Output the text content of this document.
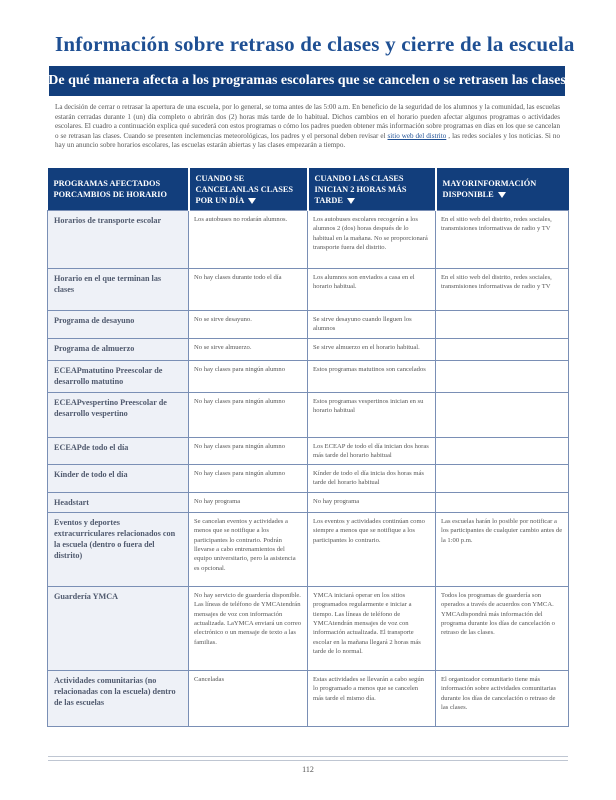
Información sobre retraso de clases y cierre de la escuela
¿De qué manera afecta a los programas escolares que se cancelen o se retrasen las clases?
La decisión de cerrar o retrasar la apertura de una escuela, por lo general, se toma antes de las 5:00 a.m. En beneficio de la seguridad de los alumnos y la comunidad, las escuelas estarán cerradas durante 1 (un) día completo o abrirán dos (2) horas más tarde de lo habitual. Dichos cambios en el horario pueden afectar algunos programas o actividades escolares. El cuadro a continuación explica qué sucederá con estos programas o cómo los padres pueden obtener más información sobre programas en días en los que se cancelan o se retrasan las clases. Cuando se presenten inclemencias meteorológicas, los padres y el personal deben revisar el sitio web del distrito , las redes sociales y los noticias. Si no hay un anuncio sobre horarios escolares, las escuelas estarán abiertas y las clases empezarán a tiempo.
PROGRAMAS AFECTADOS PORCAMBIOS DE HORARIO	CUANDO SE CANCELANLAS CLASES POR UN DÍA	CUANDO LAS CLASES INICIAN 2 HORAS MÁS TARDE	MAYORINFORMACIÓN DISPONIBLE
Horarios de transporte escolar	Los autobuses no rodarán alumnos.	Los autobuses escolares recogerán a los alumnos 2 (dos) horas después de lo habitual en la mañana. No se proporcionará transporte fuera del distrito.	En el sitio web del distrito, redes sociales, transmisiones informativas de radio y TV
Horario en el que terminan las clases	No hay clases durante todo el día	Los alumnos son enviados a casa en el horario habitual.	En el sitio web del distrito, redes sociales, transmisiones informativas de radio y TV
Programa de desayuno	No se sirve desayuno.	Se sirve desayuno cuando lleguen los alumnos	
Programa de almuerzo	No se sirve almuerzo.	Se sirve almuerzo en el horario habitual.	
ECEAPmatutino Preescolar de desarrollo matutino	No hay clases para ningún alumno	Estos programas matutinos son cancelados	
ECEAPvespertino Preescolar de desarrollo vespertino	No hay clases para ningún alumno	Estos programas vespertinos inician en su horario habitual	
ECEAPde todo el día	No hay clases para ningún alumno	Los ECEAP de todo el día inician dos horas más tarde del horario habitual	
Kínder de todo el día	No hay clases para ningún alumno	Kínder de todo el día inicia dos horas más tarde del horario habitual	
Headstart	No hay programa	No hay programa	
Eventos y deportes extracurriculares relacionados con la escuela (dentro o fuera del distrito)	Se cancelan eventos y actividades a menos que se notifique a los participantes lo contrario. Podrán llevarse a cabo entrenamientos del equipo universitario, pero la asistencia es opcional.	Los eventos y actividades continúan como siempre a menos que se notifique a los participantes lo contrario.	Las escuelas harán lo posible por notificar a los participantes de cualquier cambio antes de la 1:00 p.m.
Guardería YMCA	No hay servicio de guardería disponible. Las líneas de teléfono de YMCAtendrán mensajes de voz con información actualizada. LaYMCA enviará un correo electrónico o un mensaje de texto a las familias.	YMCA iniciará operar en los sitios programados regularmente e iniciar a tiempo. Las líneas de teléfono de YMCAtendrán mensajes de voz con información actualizada. El transporte escolar en la mañana llegará 2 horas más tarde de lo normal.	Todos los programas de guardería son operados a través de acuerdos con YMCA. YMCAdispondrá más información del programa durante los días de cancelación o retraso de las clases.
Actividades comunitarias (no relacionadas con la escuela) dentro de las escuelas	Canceladas	Estas actividades se llevarán a cabo según lo programado a menos que se cancelen más tarde el mismo día.	El organizador comunitario tiene más información sobre actividades comunitarias durante los días de cancelación o retraso de las clases.
112
